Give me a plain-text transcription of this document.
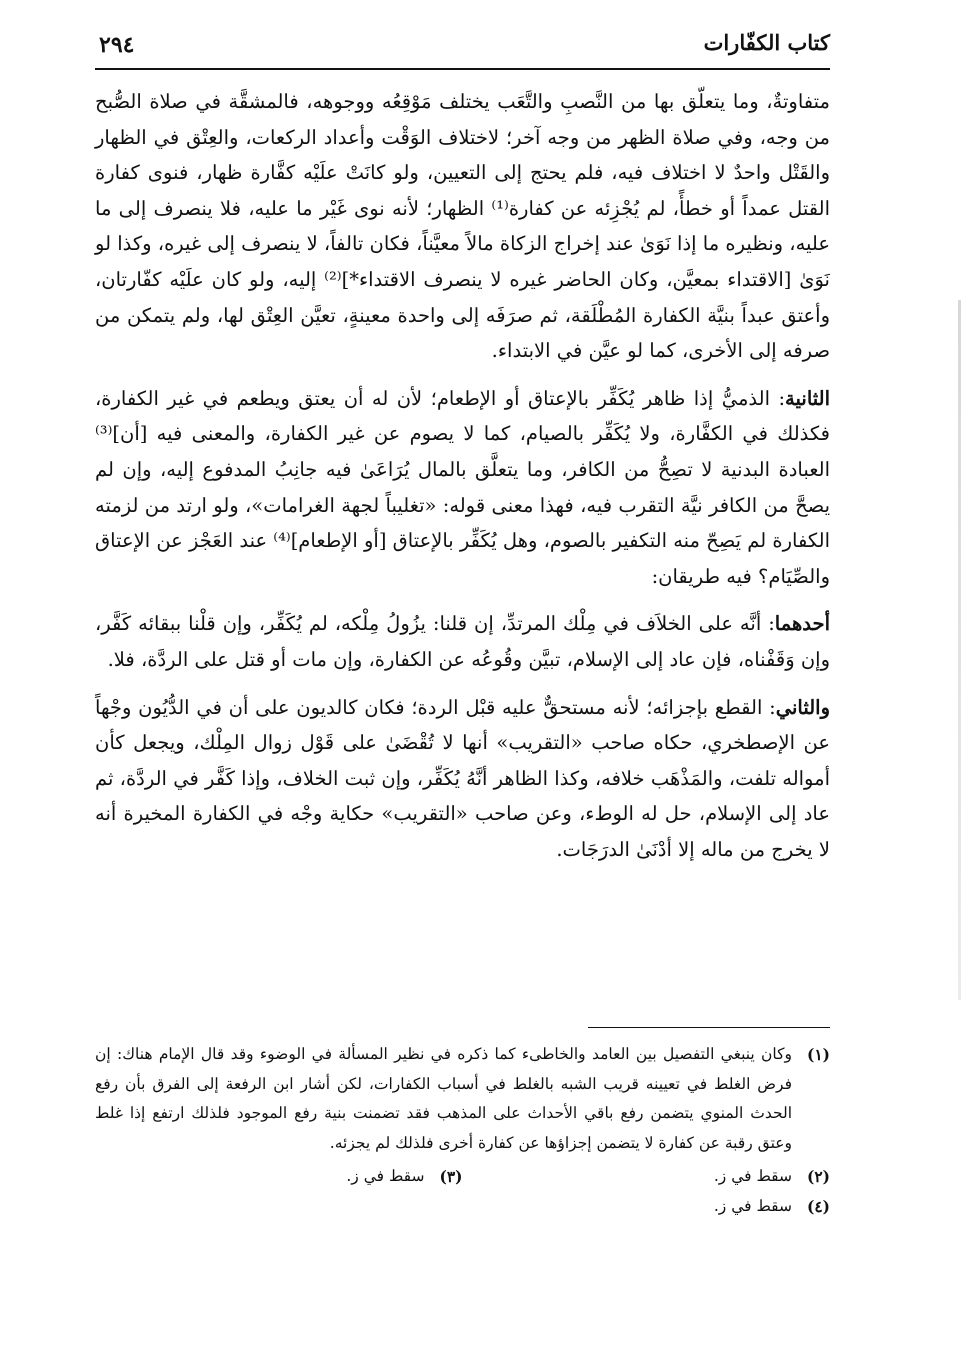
كتاب الكفّارات
٢٩٤

متفاوتةٌ، وما يتعلّق بها من النَّصبِ والتَّعَب يختلف مَوْقِعُه ووجوهه، فالمشقَّة في صلاة الصُّبح من وجه، وفي صلاة الظهر من وجه آخر؛ لاختلاف الوَقْت وأعداد الركعات، والعِتْق في الظهار والقَتْل واحدٌ لا اختلاف فيه، فلم يحتج إلى التعيين، ولو كانَتْ علَيْه كفَّارة ظهار، فنوى كفارة القتل عمداً أو خطأً، لم يُجْزِئه عن كفارة⁽¹⁾ الظهار؛ لأنه نوى غَيْر ما عليه، فلا ينصرف إلى ما عليه، ونظيره ما إذا نَوَىٰ عند إخراج الزكاة مالاً معيَّناً، فكان تالفاً، لا ينصرف إلى غيره، وكذا لو نَوَىٰ [الاقتداء بمعيَّن، وكان الحاضر غيره لا ينصرف الاقتداء*]⁽²⁾ إليه، ولو كان علَيْه كفّارتان، وأعتق عبداً بنيَّة الكفارة المُطْلَقة، ثم صرَفَه إلى واحدة معينةٍ، تعيَّن العِتْق لها، ولم يتمكن من صرفه إلى الأخرى، كما لو عيَّن في الابتداء.

الثانية: الذميُّ إذا ظاهر يُكَفِّر بالإعتاق أو الإطعام؛ لأن له أن يعتق ويطعم في غير الكفارة، فكذلك في الكفَّارة، ولا يُكَفِّر بالصيام، كما لا يصوم عن غير الكفارة، والمعنى فيه [أن]⁽³⁾ العبادة البدنية لا تصِحُّ من الكافر، وما يتعلَّق بالمال يُرَاعَىٰ فيه جانِبُ المدفوع إليه، وإن لم يصحَّ من الكافر نيَّة التقرب فيه، فهذا معنى قوله: «تغليباً لجهة الغرامات»، ولو ارتد من لزمته الكفارة لم يَصِحّ منه التكفير بالصوم، وهل يُكَفِّر بالإعتاق [أو الإطعام]⁽⁴⁾ عند العَجْز عن الإعتاق والصِّيَام؟ فيه طريقان:

أحدهما: أنَّه على الخلاَف في مِلْك المرتدِّ، إن قلنا: يزُولُ مِلْكه، لم يُكَفِّر، وإن قلْنا ببقائه كَفَّر، وإن وَقَفْناه، فإن عاد إلى الإسلام، تبيَّن وقُوعُه عن الكفارة، وإن مات أو قتل على الردَّة، فلا.

والثاني: القطع بإجزائه؛ لأنه مستحقٌّ عليه قبْل الردة؛ فكان كالديون على أن في الدُّيُون وجْهاً عن الإصطخري، حكاه صاحب «التقريب» أنها لا تُقْضَىٰ على قَوْل زوال المِلْك، ويجعل كأن أمواله تلفت، والمَذْهَب خلافه، وكذا الظاهر أنَّهُ يُكَفِّر، وإن ثبت الخلاف، وإذا كَفَّر في الردَّة، ثم عاد إلى الإسلام، حل له الوطء، وعن صاحب «التقريب» حكاية وجْه في الكفارة المخيرة أنه لا يخرج من ماله إلا أدْنَىٰ الدرَجَات.

(١)
وكان ينبغي التفصيل بين العامد والخاطىء كما ذكره في نظير المسألة في الوضوء وقد قال الإمام هناك: إن فرض الغلط في تعيينه قريب الشبه بالغلط في أسباب الكفارات، لكن أشار ابن الرفعة إلى الفرق بأن رفع الحدث المنوي يتضمن رفع باقي الأحداث على المذهب فقد تضمنت بنية رفع الموجود فلذلك ارتفع إذا غلط وعتق رقبة عن كفارة لا يتضمن إجزاؤها عن كفارة أخرى فلذلك لم يجزئه.
(٢)
سقط في ز.
(٣)
سقط في ز.
(٤)
سقط في ز.
